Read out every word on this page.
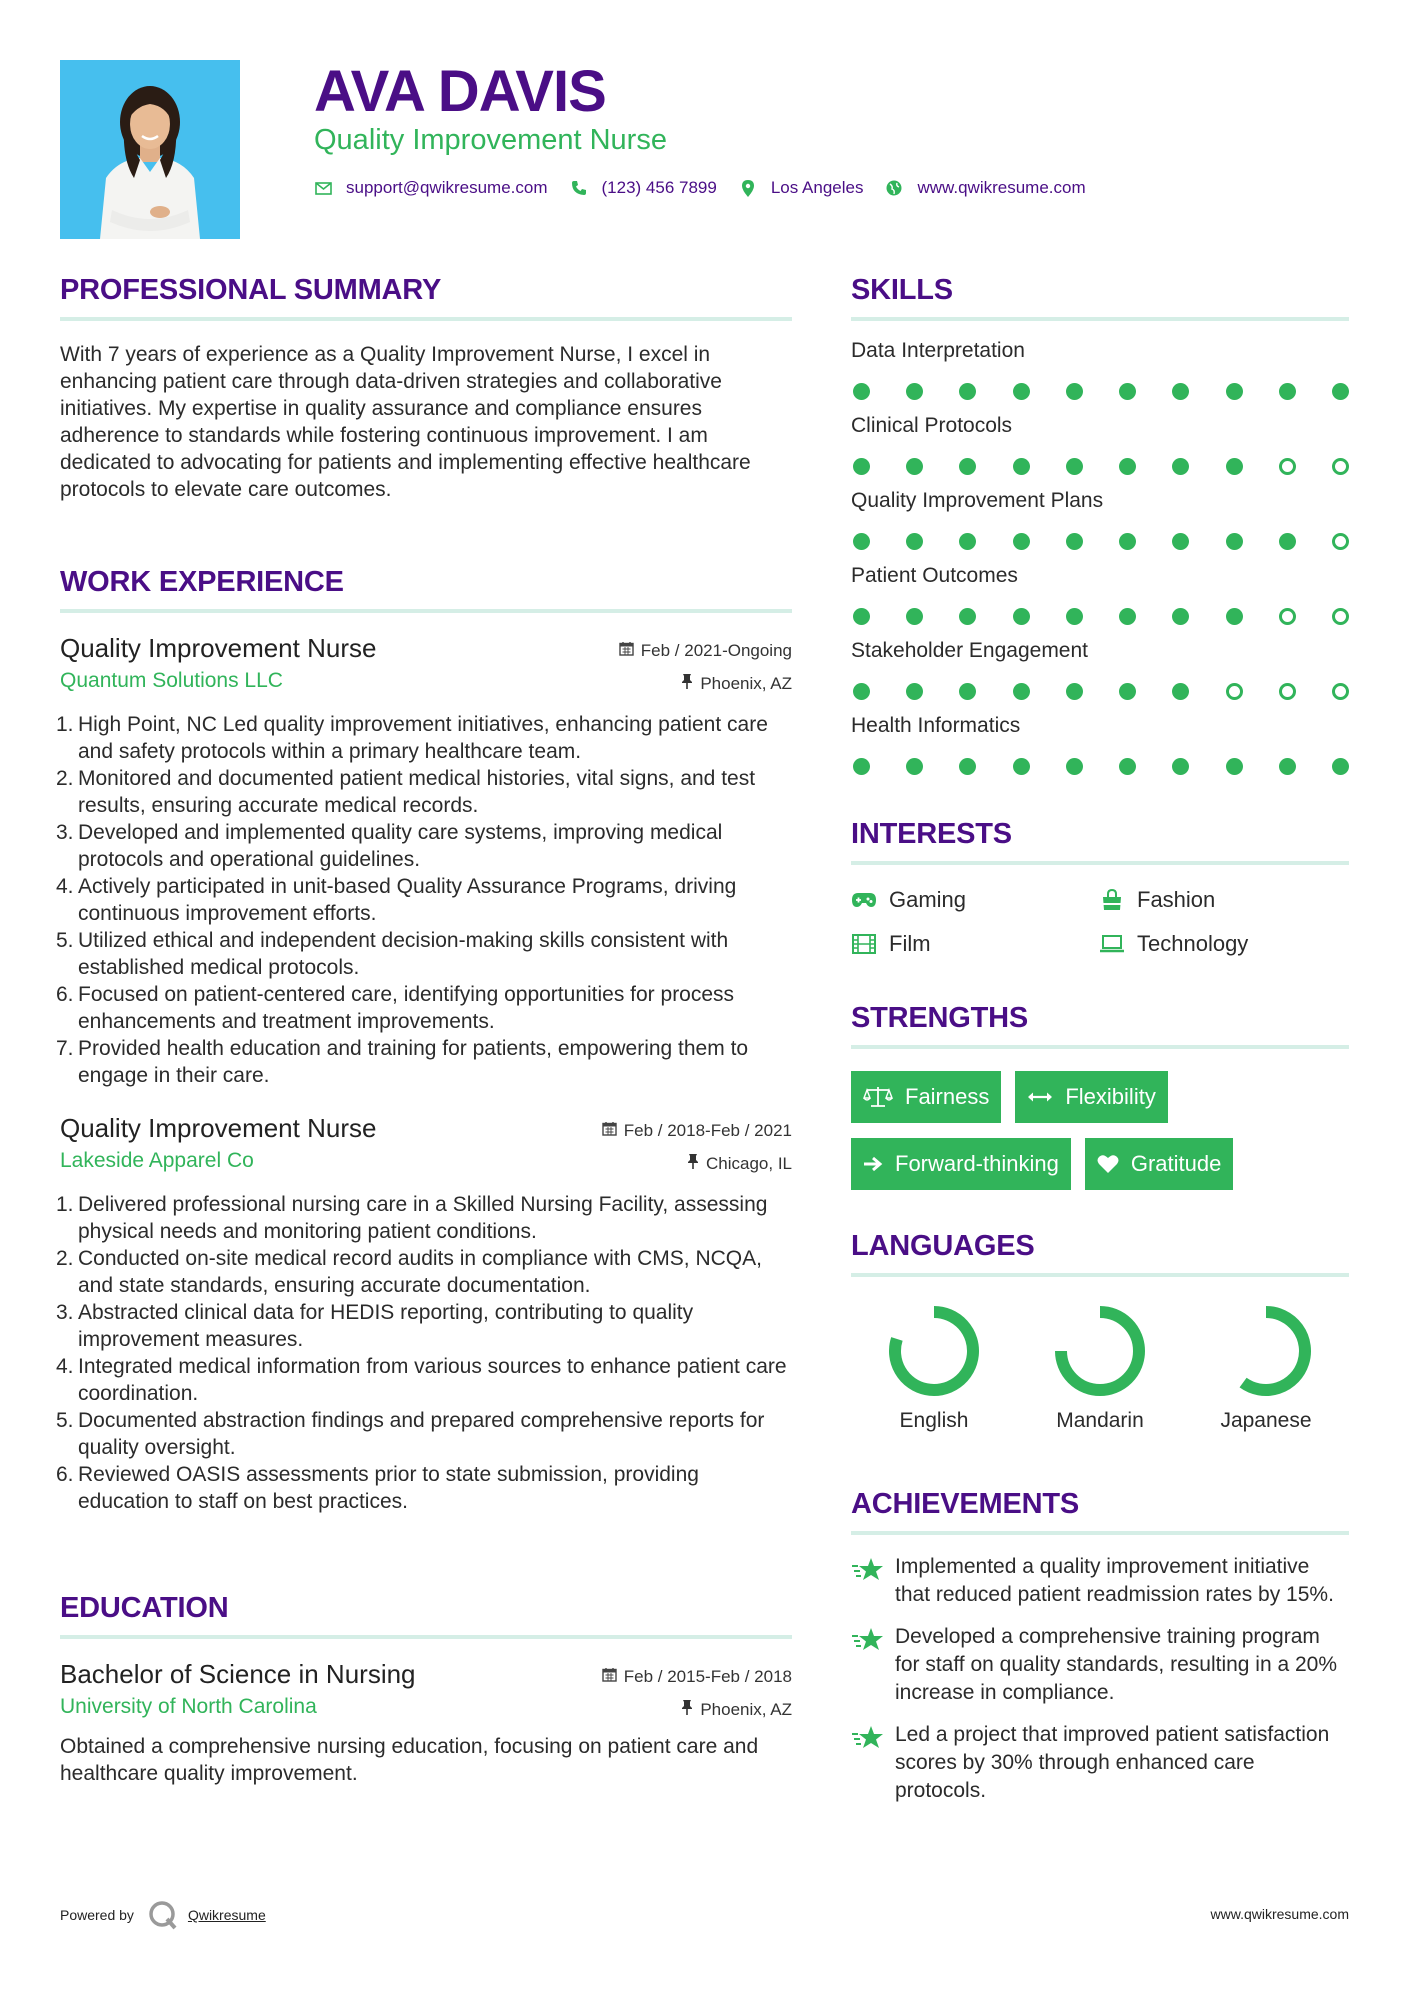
AVA DAVIS
Quality Improvement Nurse
support@qwikresume.com	(123) 456 7899	Los Angeles	www.qwikresume.com
PROFESSIONAL SUMMARY
With 7 years of experience as a Quality Improvement Nurse, I excel in enhancing patient care through data-driven strategies and collaborative initiatives. My expertise in quality assurance and compliance ensures adherence to standards while fostering continuous improvement. I am dedicated to advocating for patients and implementing effective healthcare protocols to elevate care outcomes.
WORK EXPERIENCE
Quality Improvement Nurse	Feb / 2021-Ongoing
Quantum Solutions LLC	Phoenix, AZ
1. High Point, NC Led quality improvement initiatives, enhancing patient care and safety protocols within a primary healthcare team.
2. Monitored and documented patient medical histories, vital signs, and test results, ensuring accurate medical records.
3. Developed and implemented quality care systems, improving medical protocols and operational guidelines.
4. Actively participated in unit-based Quality Assurance Programs, driving continuous improvement efforts.
5. Utilized ethical and independent decision-making skills consistent with established medical protocols.
6. Focused on patient-centered care, identifying opportunities for process enhancements and treatment improvements.
7. Provided health education and training for patients, empowering them to engage in their care.
Quality Improvement Nurse	Feb / 2018-Feb / 2021
Lakeside Apparel Co	Chicago, IL
1. Delivered professional nursing care in a Skilled Nursing Facility, assessing physical needs and monitoring patient conditions.
2. Conducted on-site medical record audits in compliance with CMS, NCQA, and state standards, ensuring accurate documentation.
3. Abstracted clinical data for HEDIS reporting, contributing to quality improvement measures.
4. Integrated medical information from various sources to enhance patient care coordination.
5. Documented abstraction findings and prepared comprehensive reports for quality oversight.
6. Reviewed OASIS assessments prior to state submission, providing education to staff on best practices.
EDUCATION
Bachelor of Science in Nursing	Feb / 2015-Feb / 2018
University of North Carolina	Phoenix, AZ
Obtained a comprehensive nursing education, focusing on patient care and healthcare quality improvement.
SKILLS
Data Interpretation
Clinical Protocols
Quality Improvement Plans
Patient Outcomes
Stakeholder Engagement
Health Informatics
INTERESTS
Gaming	Fashion
Film	Technology
STRENGTHS
Fairness	Flexibility
Forward-thinking	Gratitude
LANGUAGES
English	Mandarin	Japanese
ACHIEVEMENTS
Implemented a quality improvement initiative that reduced patient readmission rates by 15%.
Developed a comprehensive training program for staff on quality standards, resulting in a 20% increase in compliance.
Led a project that improved patient satisfaction scores by 30% through enhanced care protocols.
Powered by	Qwikresume	www.qwikresume.com
